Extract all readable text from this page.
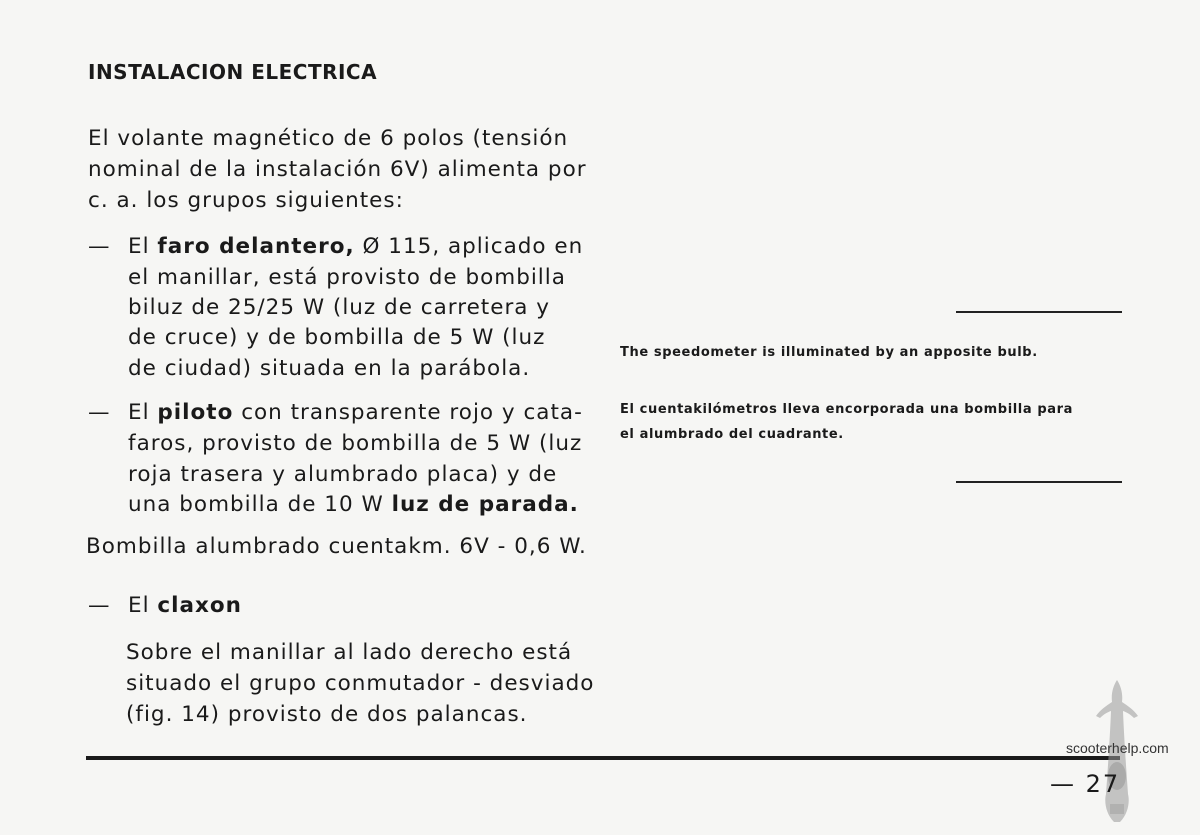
INSTALACION ELECTRICA
El volante magnético de 6 polos (tensión
nominal de la instalación 6V) alimenta por
c. a. los grupos siguientes:
— El faro delantero, Ø 115, aplicado en
el manillar, está provisto de bombilla
biluz de 25/25 W (luz de carretera y
de cruce) y de bombilla de 5 W (luz
de ciudad) situada en la parábola.
— El piloto con transparente rojo y cata-
faros, provisto de bombilla de 5 W (luz
roja trasera y alumbrado placa) y de
una bombilla de 10 W luz de parada.
Bombilla alumbrado cuentakm. 6V - 0,6 W.
— El claxon
Sobre el manillar al lado derecho está
situado el grupo conmutador - desviado
(fig. 14) provisto de dos palancas.
The speedometer is illuminated by an apposite bulb.
El cuentakilómetros lleva encorporada una bombilla para
el alumbrado del cuadrante.
scooterhelp.com
— 27
